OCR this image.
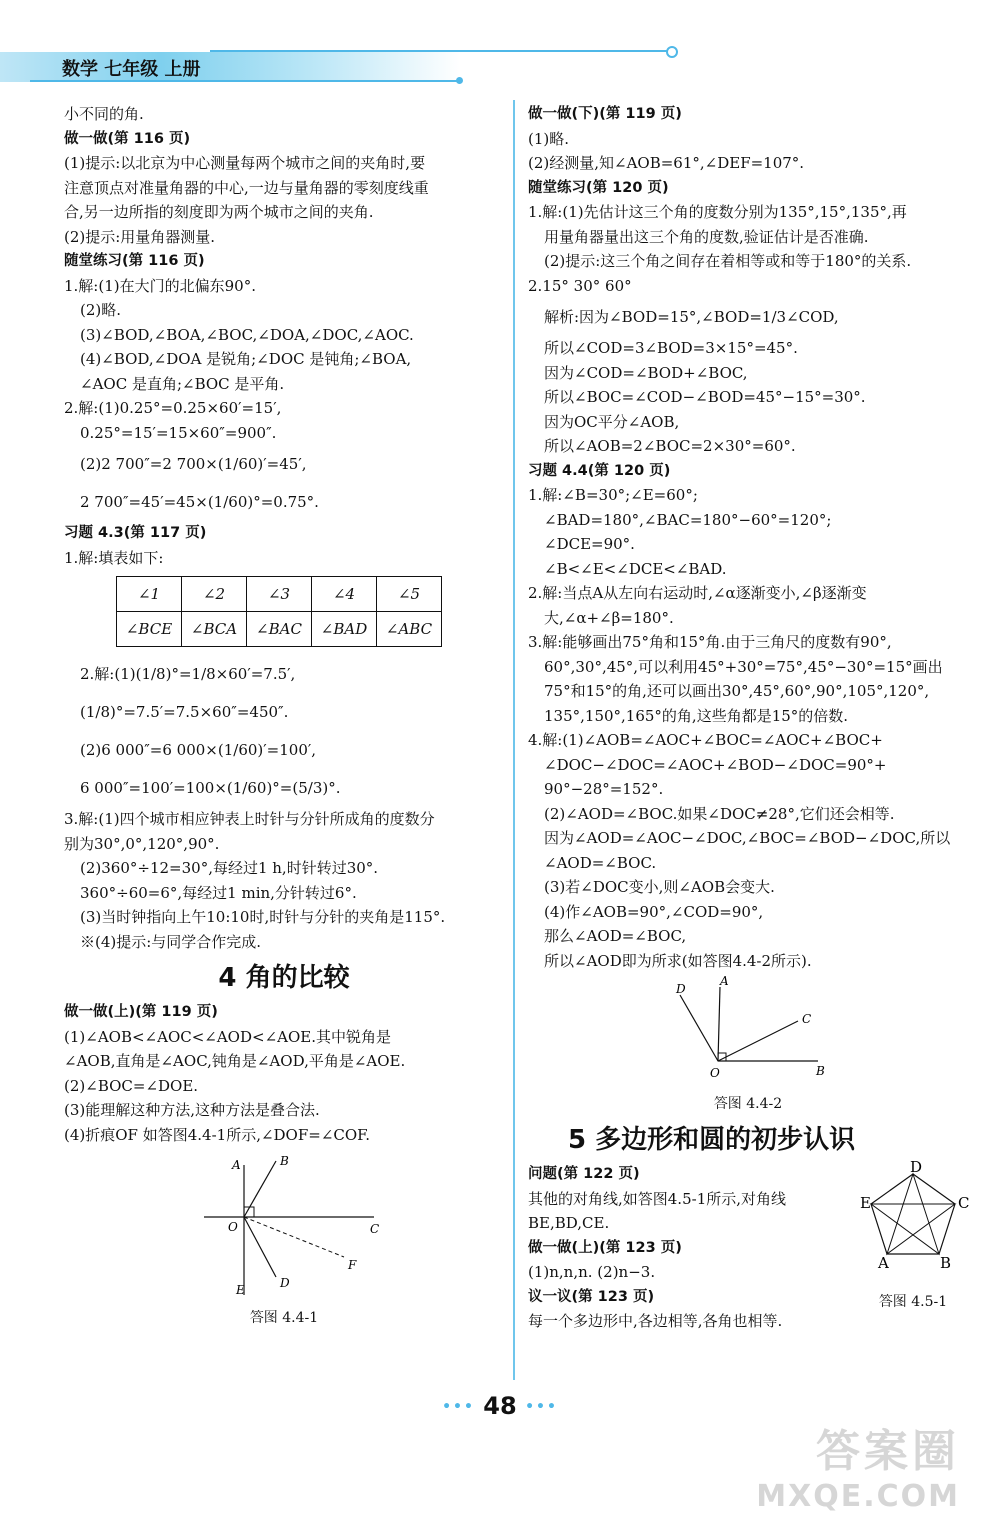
数学 七年级 上册
小不同的角.
做一做(第 116 页)
(1)提示:以北京为中心测量每两个城市之间的夹角时,要
注意顶点对准量角器的中心,一边与量角器的零刻度线重
合,另一边所指的刻度即为两个城市之间的夹角.
(2)提示:用量角器测量.
随堂练习(第 116 页)
1.解:(1)在大门的北偏东90°.
(2)略.
(3)∠BOD,∠BOA,∠BOC,∠DOA,∠DOC,∠AOC.
(4)∠BOD,∠DOA 是锐角;∠DOC 是钝角;∠BOA,
∠AOC 是直角;∠BOC 是平角.
2.解:(1)0.25°=0.25×60′=15′,
0.25°=15′=15×60″=900″.
(2)2 700″=2 700×(1/60)′=45′,
2 700″=45′=45×(1/60)°=0.75°.
习题 4.3(第 117 页)
1.解:填表如下:
∠1	∠2	∠3	∠4	∠5
∠BCE	∠BCA	∠BAC	∠BAD	∠ABC
2.解:(1)(1/8)°=1/8×60′=7.5′,
(1/8)°=7.5′=7.5×60″=450″.
(2)6 000″=6 000×(1/60)′=100′,
6 000″=100′=100×(1/60)°=(5/3)°.
3.解:(1)四个城市相应钟表上时针与分针所成角的度数分
别为30°,0°,120°,90°.
(2)360°÷12=30°,每经过1 h,时针转过30°.
360°÷60=6°,每经过1 min,分针转过6°.
(3)当时钟指向上午10:10时,时针与分针的夹角是115°.
※(4)提示:与同学合作完成.
4 角的比较
做一做(上)(第 119 页)
(1)∠AOB<∠AOC<∠AOD<∠AOE.其中锐角是
∠AOB,直角是∠AOC,钝角是∠AOD,平角是∠AOE.
(2)∠BOC=∠DOE.
(3)能理解这种方法,这种方法是叠合法.
(4)折痕OF 如答图4.4-1所示,∠DOF=∠COF.
A	B
O	C
F
E	D
答图 4.4-1
做一做(下)(第 119 页)
(1)略.
(2)经测量,知∠AOB=61°,∠DEF=107°.
随堂练习(第 120 页)
1.解:(1)先估计这三个角的度数分别为135°,15°,135°,再
用量角器量出这三个角的度数,验证估计是否准确.
(2)提示:这三个角之间存在着相等或和等于180°的关系.
2.15° 30° 60°
解析:因为∠BOD=15°,∠BOD=1/3∠COD,
所以∠COD=3∠BOD=3×15°=45°.
因为∠COD=∠BOD+∠BOC,
所以∠BOC=∠COD−∠BOD=45°−15°=30°.
因为OC平分∠AOB,
所以∠AOB=2∠BOC=2×30°=60°.
习题 4.4(第 120 页)
1.解:∠B=30°;∠E=60°;
∠BAD=180°,∠BAC=180°−60°=120°;
∠DCE=90°.
∠B<∠E<∠DCE<∠BAD.
2.解:当点A从左向右运动时,∠α逐渐变小,∠β逐渐变
大,∠α+∠β=180°.
3.解:能够画出75°角和15°角.由于三角尺的度数有90°,
60°,30°,45°,可以利用45°+30°=75°,45°−30°=15°画出
75°和15°的角,还可以画出30°,45°,60°,90°,105°,120°,
135°,150°,165°的角,这些角都是15°的倍数.
4.解:(1)∠AOB=∠AOC+∠BOC=∠AOC+∠BOC+
∠DOC−∠DOC=∠AOC+∠BOD−∠DOC=90°+
90°−28°=152°.
(2)∠AOD=∠BOC.如果∠DOC≠28°,它们还会相等.
因为∠AOD=∠AOC−∠DOC,∠BOC=∠BOD−∠DOC,所以
∠AOD=∠BOC.
(3)若∠DOC变小,则∠AOB会变大.
(4)作∠AOB=90°,∠COD=90°,
那么∠AOD=∠BOC,
所以∠AOD即为所求(如答图4.4-2所示).
D
A
C
O	B
答图 4.4-2
5 多边形和圆的初步认识
问题(第 122 页)
其他的对角线,如答图4.5-1所示,对角线
BE,BD,CE.
做一做(上)(第 123 页)
(1)n,n,n. (2)n−3.
议一议(第 123 页)
每一个多边形中,各边相等,各角也相等.
D
E	C
A	B
答图 4.5-1
••• 48 •••
答案圈
MXQE.COM
